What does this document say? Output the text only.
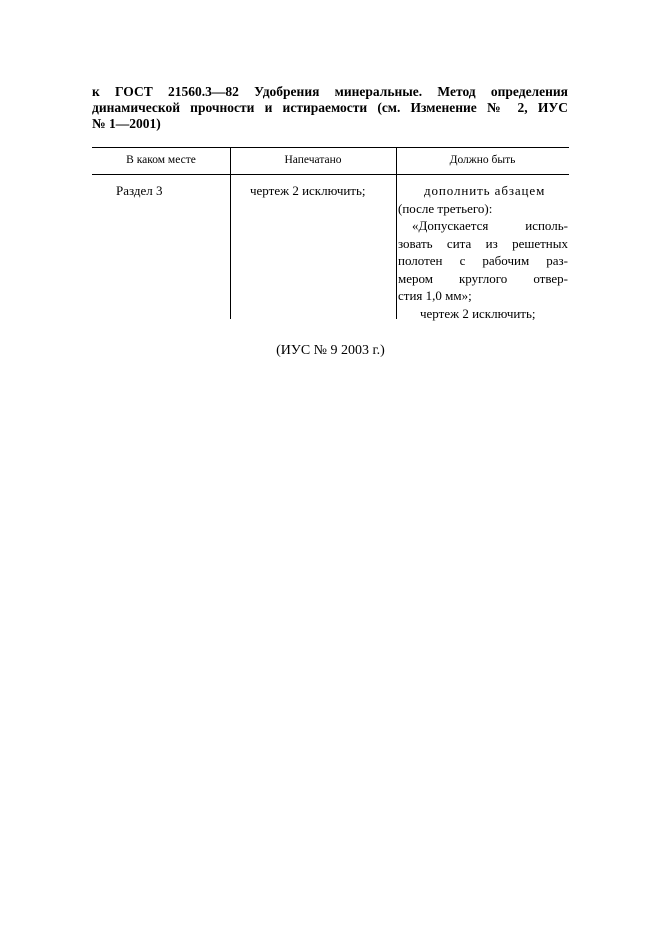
к ГОСТ 21560.3—82 Удобрения минеральные. Метод определения
динамической прочности и истираемости (см. Изменение № 2, ИУС
№ 1—2001)
В каком месте	Напечатано	Должно быть
Раздел 3	чертеж 2 исключить;	дополнить абзацем
(после третьего):
«Допускается исполь-
зовать сита из решетных
полотен с рабочим раз-
мером круглого отвер-
стия 1,0 мм»;
чертеж 2 исключить;
(ИУС № 9 2003 г.)
